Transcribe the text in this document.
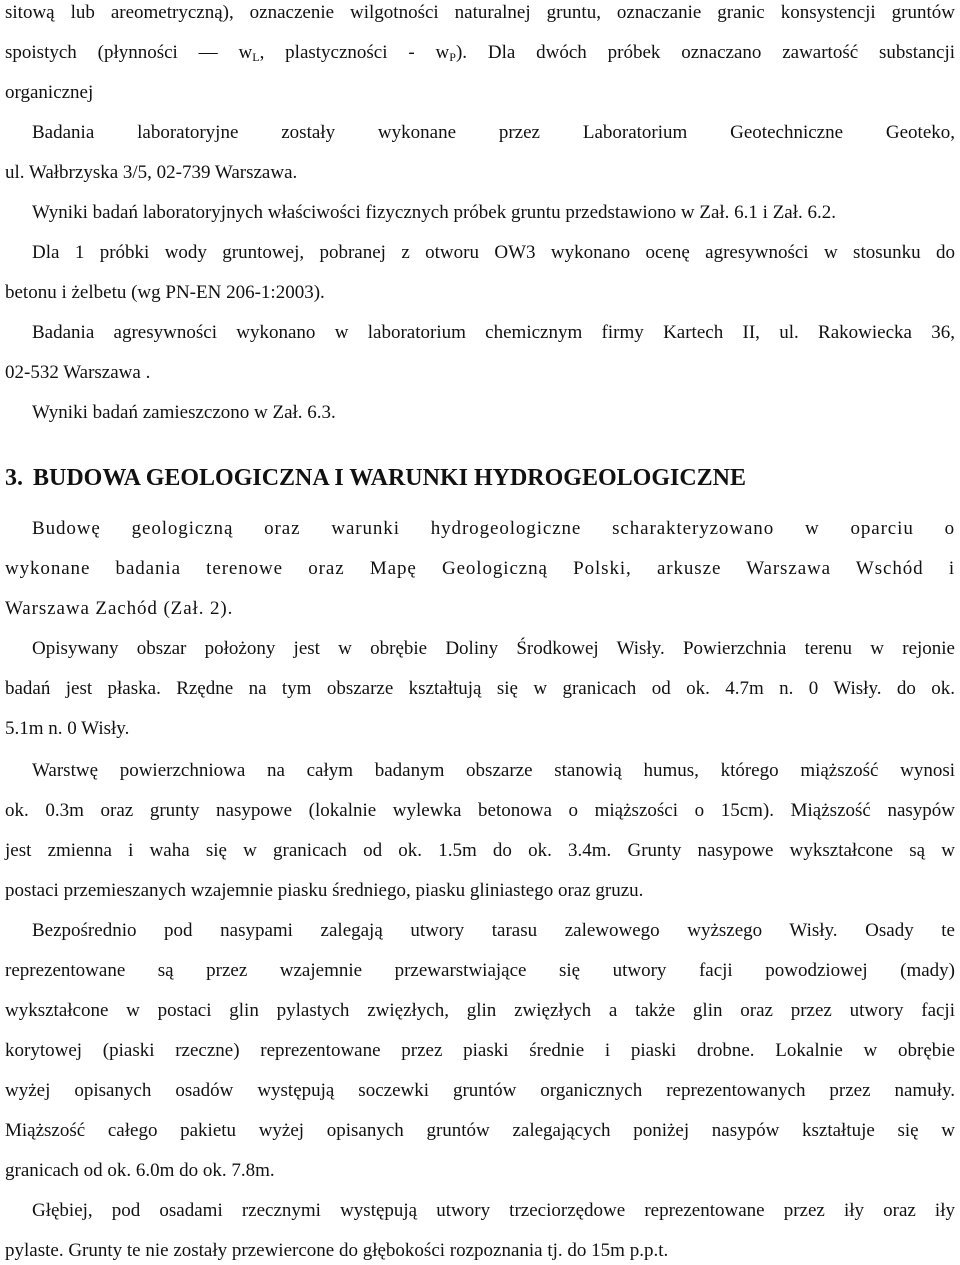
sitową lub areometryczną), oznaczenie wilgotności naturalnej gruntu, oznaczanie granic konsystencji gruntów
spoistych (płynności — $w_L$, plastyczności - $w_P$). Dla dwóch próbek oznaczano zawartość substancji
organicznej
Badania laboratoryjne zostały wykonane przez Laboratorium Geotechniczne Geoteko,
ul. Wałbrzyska 3/5, 02-739 Warszawa.
Wyniki badań laboratoryjnych właściwości fizycznych próbek gruntu przedstawiono w Zał. 6.1 i Zał. 6.2.
Dla 1 próbki wody gruntowej, pobranej z otworu OW3 wykonano ocenę agresywności w stosunku do
betonu i żelbetu (wg PN-EN 206-1:2003).
Badania agresywności wykonano w laboratorium chemicznym firmy Kartech II, ul. Rakowiecka 36,
02-532 Warszawa .
Wyniki badań zamieszczono w Zał. 6.3.
3. BUDOWA GEOLOGICZNA I WARUNKI HYDROGEOLOGICZNE
Budowę geologiczną oraz warunki hydrogeologiczne scharakteryzowano w oparciu o
wykonane badania terenowe oraz Mapę Geologiczną Polski, arkusze Warszawa Wschód i
Warszawa Zachód (Zał. 2).
Opisywany obszar położony jest w obrębie Doliny Środkowej Wisły. Powierzchnia terenu w rejonie
badań jest płaska. Rzędne na tym obszarze kształtują się w granicach od ok. 4.7m n. 0 Wisły. do ok.
5.1m n. 0 Wisły.
Warstwę powierzchniowa na całym badanym obszarze stanowią humus, którego miąższość wynosi
ok. 0.3m oraz grunty nasypowe (lokalnie wylewka betonowa o miąższości o 15cm). Miąższość nasypów
jest zmienna i waha się w granicach od ok. 1.5m do ok. 3.4m. Grunty nasypowe wykształcone są w
postaci przemieszanych wzajemnie piasku średniego, piasku gliniastego oraz gruzu.
Bezpośrednio pod nasypami zalegają utwory tarasu zalewowego wyższego Wisły. Osady te
reprezentowane są przez wzajemnie przewarstwiające się utwory facji powodziowej (mady)
wykształcone w postaci glin pylastych zwięzłych, glin zwięzłych a także glin oraz przez utwory facji
korytowej (piaski rzeczne) reprezentowane przez piaski średnie i piaski drobne. Lokalnie w obrębie
wyżej opisanych osadów występują soczewki gruntów organicznych reprezentowanych przez namuły.
Miąższość całego pakietu wyżej opisanych gruntów zalegających poniżej nasypów kształtuje się w
granicach od ok. 6.0m do ok. 7.8m.
Głębiej, pod osadami rzecznymi występują utwory trzeciorzędowe reprezentowane przez iły oraz iły
pylaste. Grunty te nie zostały przewiercone do głębokości rozpoznania tj. do 15m p.p.t.
